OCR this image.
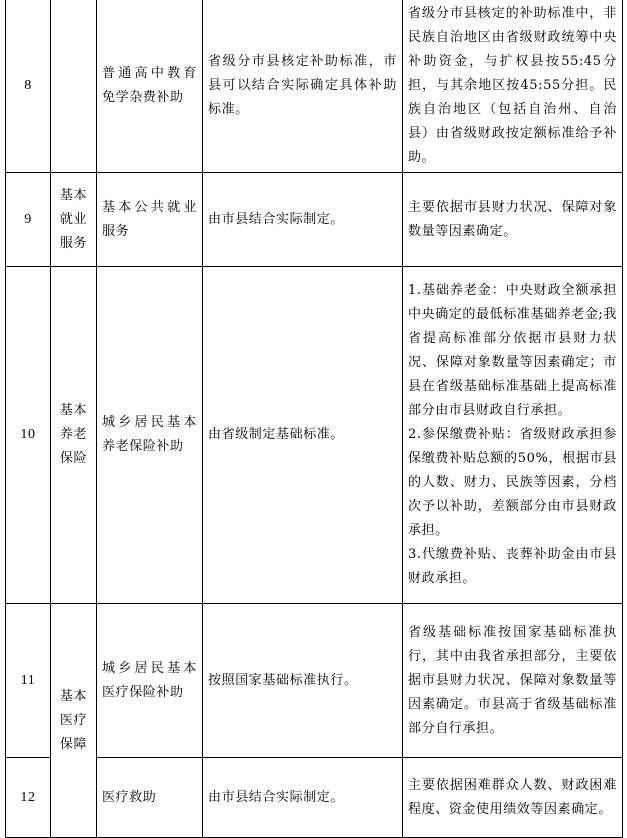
8		普通高中教育免学杂费补助	省级分市县核定补助标准，市县可以结合实际确定具体补助标准。	省级分市县核定的补助标准中，非民族自治地区由省级财政统筹中央补助资金，与扩权县按55:45分担，与其余地区按45:55分担。民族自治地区（包括自治州、自治县）由省级财政按定额标准给予补助。
9	基本就业服务	基本公共就业服务	由市县结合实际制定。	主要依据市县财力状况、保障对象数量等因素确定。
10	基本养老保险	城乡居民基本养老保险补助	由省级制定基础标准。	1.基础养老金：中央财政全额承担中央确定的最低标准基础养老金;我省提高标准部分依据市县财力状况、保障对象数量等因素确定；市县在省级基础标准基础上提高标准部分由市县财政自行承担。
2.参保缴费补贴：省级财政承担参保缴费补贴总额的50%，根据市县的人数、财力、民族等因素，分档次予以补助，差额部分由市县财政承担。
3.代缴费补贴、丧葬补助金由市县财政承担。

11	基本医疗保障	城乡居民基本医疗保险补助	按照国家基础标准执行。	省级基础标准按国家基础标准执行，其中由我省承担部分，主要依据市县财力状况、保障对象数量等因素确定。市县高于省级基础标准部分自行承担。
12		医疗救助	由市县结合实际制定。	主要依据困难群众人数、财政困难程度、资金使用绩效等因素确定。
